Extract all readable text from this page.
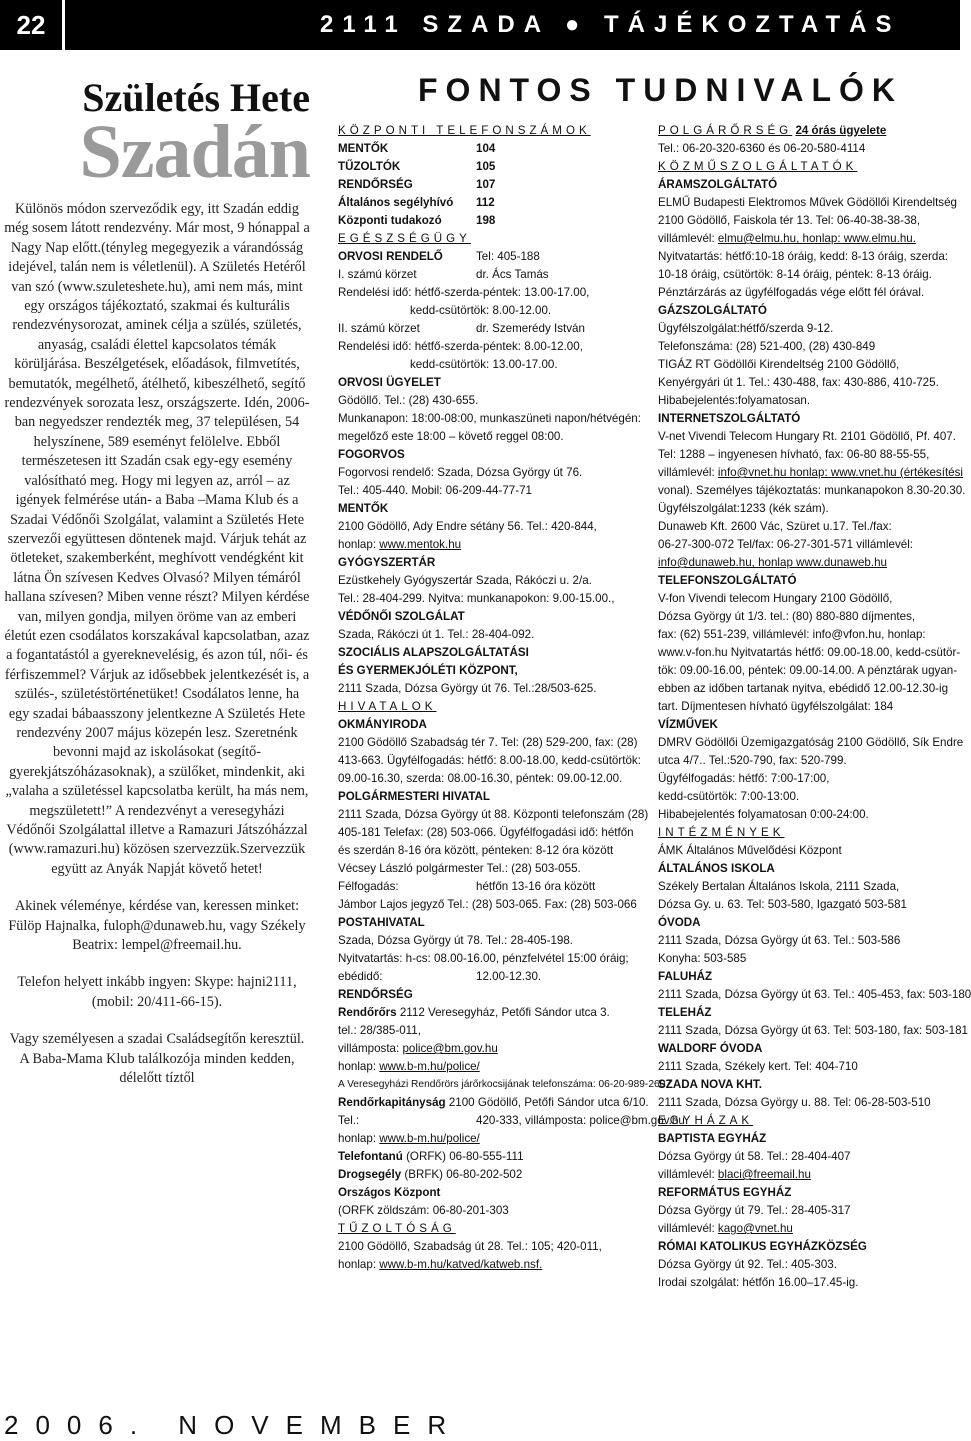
22	2111 SZADA ● TÁJÉKOZTATÁS
Születés Hete
Szadán

Különös módon szerveződik egy, itt Szadán eddig még sosem látott rendezvény. Már most, 9 hónappal a Nagy Nap előtt.(tényleg megegyezik a várandósság idejével, talán nem is véletlenül). A Születés Hetéről van szó (www.szuleteshete.hu), ami nem más, mint egy országos tájékoztató, szakmai és kulturális rendezvénysorozat, aminek célja a szülés, születés, anyaság, családi élettel kapcsolatos témák körüljárása. Beszélgetések, előadások, filmvetítés, bemutatók, megélhető, átélhető, kibeszélhető, segítő rendezvények sorozata lesz, országszerte. Idén, 2006-ban negyedszer rendezték meg, 37 településen, 54 helyszínene, 589 eseményt felölelve. Ebből természetesen itt Szadán csak egy-egy esemény valósítható meg. Hogy mi legyen az, arról – az igények felmérése után- a Baba –Mama Klub és a Szadai Védőnői Szolgálat, valamint a Születés Hete szervezői együttesen döntenek majd. Várjuk tehát az ötleteket, szakemberként, meghívott vendégként kit látna Ön szívesen Kedves Olvasó? Milyen témáról hallana szívesen? Miben venne részt? Milyen kérdése van, milyen gondja, milyen öröme van az emberi életút ezen csodálatos korszakával kapcsolatban, azaz a fogantatástól a gyereknevelésig, és azon túl, női- és férfiszemmel? Várjuk az idősebbek jelentkezését is, a szülés-, születéstörténetüket! Csodálatos lenne, ha egy szadai bábaasszony jelentkezne A Születés Hete rendezvény 2007 május közepén lesz. Szeretnénk bevonni majd az iskolásokat (segítő-gyerekjátszóházasoknak), a szülőket, mindenkit, aki „valaha a születéssel kapcsolatba került, ha más nem, megszületett!” A rendezvényt a veresegyházi Védőnői Szolgálattal illetve a Ramazuri Játszóházzal (www.ramazuri.hu) közösen szervezzük.Szervezzük együtt az Anyák Napját követő hetet!

Akinek véleménye, kérdése van, keressen minket: Fülöp Hajnalka, fuloph@dunaweb.hu, vagy Székely Beatrix: lempel@freemail.hu.

Telefon helyett inkább ingyen: Skype: hajni2111,(mobil: 20/411-66-15).

Vagy személyesen a szadai Családsegítőn keresztül. A Baba-Mama Klub találkozója minden kedden, délelőtt tíztől

FONTOS TUDNIVALÓK
KÖZPONTI TELEFONSZÁMOK
MENTŐK	104
TŰZOLTÓK	105
RENDŐRSÉG	107
Általános segélyhívó 112
Központi tudakozó	198
EGÉSZSÉGÜGY
ORVOSI RENDELŐ	Tel: 405-188
I. számú körzet	dr. Ács Tamás
Rendelési idő: hétfő-szerda-péntek: 13.00-17.00,
kedd-csütörtök: 8.00-12.00.
II. számú körzet	dr. Szemerédy István
Rendelési idő: hétfő-szerda-péntek: 8.00-12.00,
kedd-csütörtök: 13.00-17.00.
ORVOSI ÜGYELET
Gödöllő. Tel.: (28) 430-655.
Munkanapon: 18:00-08:00, munkaszüneti napon/hétvégén:
megelőző este 18:00 – követő reggel 08:00.
FOGORVOS
Fogorvosi rendelő: Szada, Dózsa György út 76.
Tel.: 405-440. Mobil: 06-209-44-77-71
MENTŐK
2100 Gödöllő, Ady Endre sétány 56. Tel.: 420-844,
honlap: www.mentok.hu
GYÓGYSZERTÁR
Ezüstkehely Gyógyszertár Szada, Rákóczi u. 2/a.
Tel.: 28-404-299. Nyitva: munkanapokon: 9.00-15.00.,
VÉDŐNŐI SZOLGÁLAT
Szada, Rákóczi út 1. Tel.: 28-404-092.
SZOCIÁLIS ALAPSZOLGÁLTATÁSI
ÉS GYERMEKJÓLÉTI KÖZPONT,
2111 Szada, Dózsa György út 76. Tel.:28/503-625.
HIVATALOK
OKMÁNYIRODA
2100 Gödöllő Szabadság tér 7. Tel: (28) 529-200, fax: (28)
413-663. Ügyfélfogadás: hétfő: 8.00-18.00, kedd-csütörtök:
09.00-16.30, szerda: 08.00-16.30, péntek: 09.00-12.00.
POLGÁRMESTERI HIVATAL
2111 Szada, Dózsa György út 88. Központi telefonszám (28)
405-181 Telefax: (28) 503-066. Ügyfélfogadási idő: hétfőn
és szerdán 8-16 óra között, pénteken: 8-12 óra között
Vécsey László polgármester Tel.: (28) 503-055.
Félfogadás:	hétfőn 13-16 óra között
Jámbor Lajos jegyző Tel.: (28) 503-065. Fax: (28) 503-066
POSTAHIVATAL
Szada, Dózsa György út 78. Tel.: 28-405-198.
Nyitvatartás: h-cs: 08.00-16.00, pénzfelvétel 15:00 óráig;
ebédidő:	12.00-12.30.
RENDŐRSÉG
Rendőrőrs 2112 Veresegyház, Petőfi Sándor utca 3.
tel.: 28/385-011,
villámposta: police@bm.gov.hu
honlap: www.b-m.hu/police/
A Veresegyházi Rendőrörs járőrkocsijának telefonszáma: 06-20-989-2607
Rendőrkapitányság 2100 Gödöllő, Petőfi Sándor utca 6/10.
Tel.:	420-333, villámposta: police@bm.gov.hu
honlap: www.b-m.hu/police/
Telefontanú (ORFK) 06-80-555-111
Drogsegély (BRFK) 06-80-202-502
Országos Központ
(ORFK zöldszám: 06-80-201-303
TŰZOLTÓSÁG
2100 Gödöllő, Szabadság út 28. Tel.: 105; 420-011,
honlap: www.b-m.hu/katved/katweb.nsf.
POLGÁRŐRSÉG 24 órás ügyelete
Tel.: 06-20-320-6360 és 06-20-580-4114
KÖZMŰSZOLGÁLTATÓK
ÁRAMSZOLGÁLTATÓ
ELMŰ Budapesti Elektromos Művek Gödöllői Kirendeltség
2100 Gödöllő, Faiskola tér 13. Tel: 06-40-38-38-38,
villámlevél: elmu@elmu.hu, honlap: www.elmu.hu.
Nyitvatartás: hétfő:10-18 óráig, kedd: 8-13 óráig, szerda:
10-18 óráig, csütörtök: 8-14 óráig, péntek: 8-13 óráig.
Pénztárzárás az ügyfélfogadás vége előtt fél órával.
GÁZSZOLGÁLTATÓ
Ügyfélszolgálat:hétfő/szerda 9-12.
Telefonszáma: (28) 521-400, (28) 430-849
TIGÁZ RT Gödöllői Kirendeltség 2100 Gödöllő,
Kenyérgyári út 1. Tel.: 430-488, fax: 430-886, 410-725.
Hibabejelentés:folyamatosan.
INTERNETSZOLGÁLTATÓ
V-net Vivendi Telecom Hungary Rt. 2101 Gödöllő, Pf. 407.
Tel: 1288 – ingyenesen hívható, fax: 06-80 88-55-55,
villámlevél: info@vnet.hu honlap: www.vnet.hu (értékesítési
vonal). Személyes tájékoztatás: munkanapokon 8.30-20.30.
Ügyfélszolgálat:1233 (kék szám).
Dunaweb Kft. 2600 Vác, Szüret u.17. Tel./fax:
06-27-300-072 Tel/fax: 06-27-301-571 villámlevél:
info@dunaweb.hu, honlap www.dunaweb.hu
TELEFONSZOLGÁLTATÓ
V-fon Vivendi telecom Hungary 2100 Gödöllő,
Dózsa György út 1/3. tel.: (80) 880-880 díjmentes,
fax: (62) 551-239, villámlevél: info@vfon.hu, honlap:
www.v-fon.hu Nyitvatartás hétfő: 09.00-18.00, kedd-csütör-
tök: 09.00-16.00, péntek: 09.00-14.00. A pénztárak ugyan-
ebben az időben tartanak nyitva, ebédidő 12.00-12.30-ig
tart. Díjmentesen hívható ügyfélszolgálat: 184
VÍZMŰVEK
DMRV Gödöllői Üzemigazgatóság 2100 Gödöllő, Sík Endre
utca 4/7.. Tel.:520-790, fax: 520-799.
Ügyfélfogadás: hétfő: 7:00-17:00,
kedd-csütörtök: 7:00-13:00.
Hibabejelentés folyamatosan 0:00-24:00.
INTÉZMÉNYEK
ÁMK Általános Művelődési Központ
ÁLTALÁNOS ISKOLA
Székely Bertalan Általános Iskola, 2111 Szada,
Dózsa Gy. u. 63. Tel: 503-580, Igazgató 503-581
ÓVODA
2111 Szada, Dózsa György út 63. Tel.: 503-586
Konyha: 503-585
FALUHÁZ
2111 Szada, Dózsa György út 63. Tel.: 405-453, fax: 503-180
TELEHÁZ
2111 Szada, Dózsa György út 63. Tel: 503-180, fax: 503-181
WALDORF ÓVODA
2111 Szada, Székely kert. Tel: 404-710
SZADA NOVA KHT.
2111 Szada, Dózsa György u. 88. Tel: 06-28-503-510
EGYHÁZAK
BAPTISTA EGYHÁZ
Dózsa György út 58. Tel.: 28-404-407
villámlevél: blaci@freemail.hu
REFORMÁTUS EGYHÁZ
Dózsa György út 79. Tel.: 28-405-317
villámlevél: kago@vnet.hu
RÓMAI KATOLIKUS EGYHÁZKÖZSÉG
Dózsa György út 92. Tel.: 405-303.
Irodai szolgálat: hétfőn 16.00–17.45-ig.
2006. NOVEMBER
